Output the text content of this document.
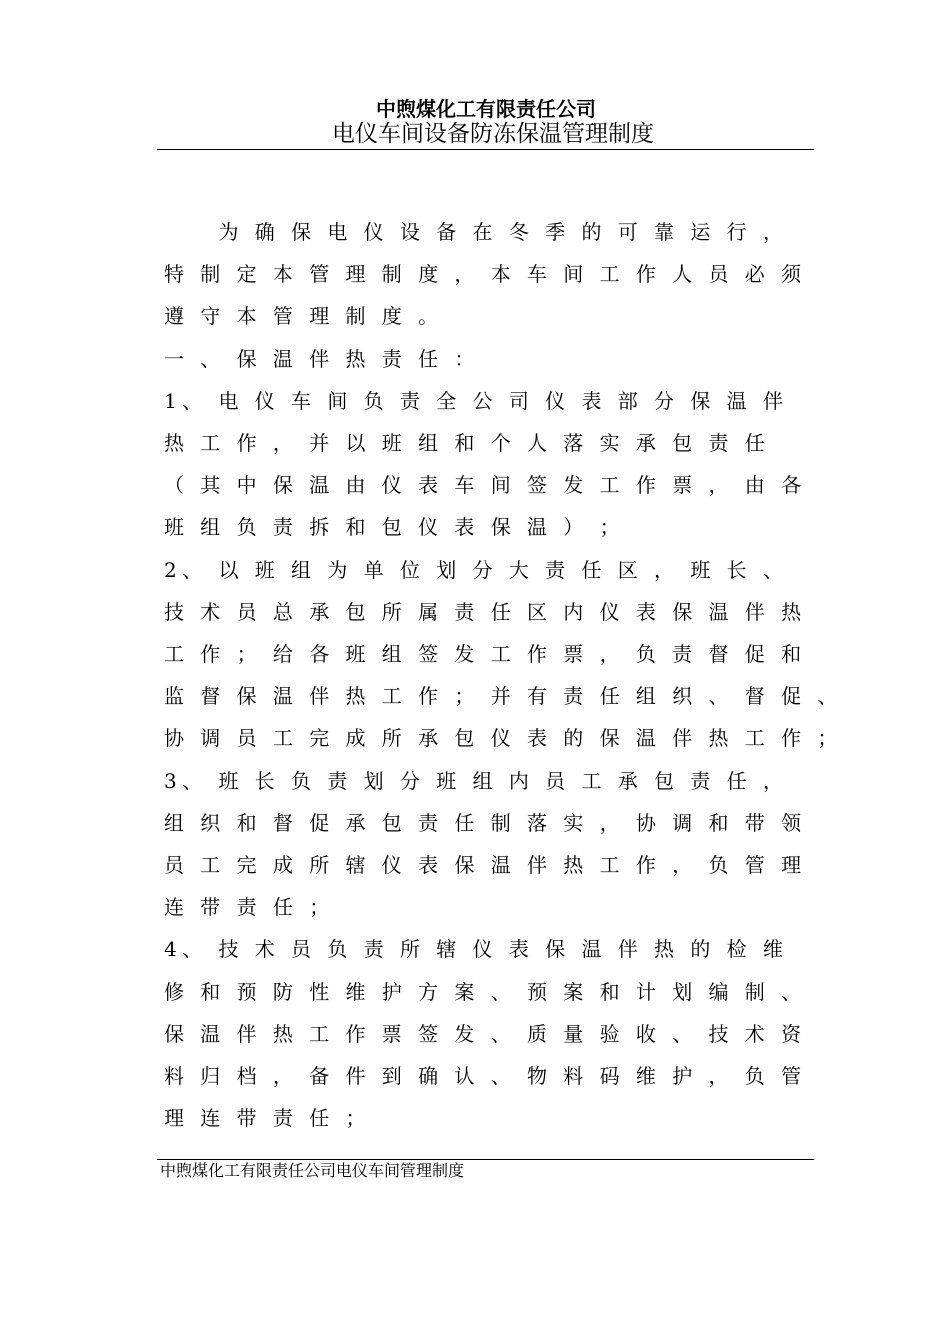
中煦煤化工有限责任公司
电仪车间设备防冻保温管理制度
为 确 保 电 仪 设 备 在 冬 季 的 可 靠 运 行 ，
特 制 定 本 管 理 制 度 ， 本 车 间 工 作 人 员 必 须
遵 守 本 管 理 制 度 。
一 、 保 温 伴 热 责 任 ：
1 、 电 仪 车 间 负 责 全 公 司 仪 表 部 分 保 温 伴
热 工 作 ， 并 以 班 组 和 个 人 落 实 承 包 责 任
（ 其 中 保 温 由 仪 表 车 间 签 发 工 作 票 ， 由 各
班 组 负 责 拆 和 包 仪 表 保 温 ） ；
2 、 以 班 组 为 单 位 划 分 大 责 任 区 ， 班 长 、
技 术 员 总 承 包 所 属 责 任 区 内 仪 表 保 温 伴 热
工 作 ； 给 各 班 组 签 发 工 作 票 ， 负 责 督 促 和
监 督 保 温 伴 热 工 作 ； 并 有 责 任 组 织 、 督 促 、
协 调 员 工 完 成 所 承 包 仪 表 的 保 温 伴 热 工 作 ；
3 、 班 长 负 责 划 分 班 组 内 员 工 承 包 责 任 ，
组 织 和 督 促 承 包 责 任 制 落 实 ， 协 调 和 带 领
员 工 完 成 所 辖 仪 表 保 温 伴 热 工 作 ， 负 管 理
连 带 责 任 ；
4 、 技 术 员 负 责 所 辖 仪 表 保 温 伴 热 的 检 维
修 和 预 防 性 维 护 方 案 、 预 案 和 计 划 编 制 、
保 温 伴 热 工 作 票 签 发 、 质 量 验 收 、 技 术 资
料 归 档 ， 备 件 到 确 认 、 物 料 码 维 护 ， 负 管
理 连 带 责 任 ；
中煦煤化工有限责任公司电仪车间管理制度
